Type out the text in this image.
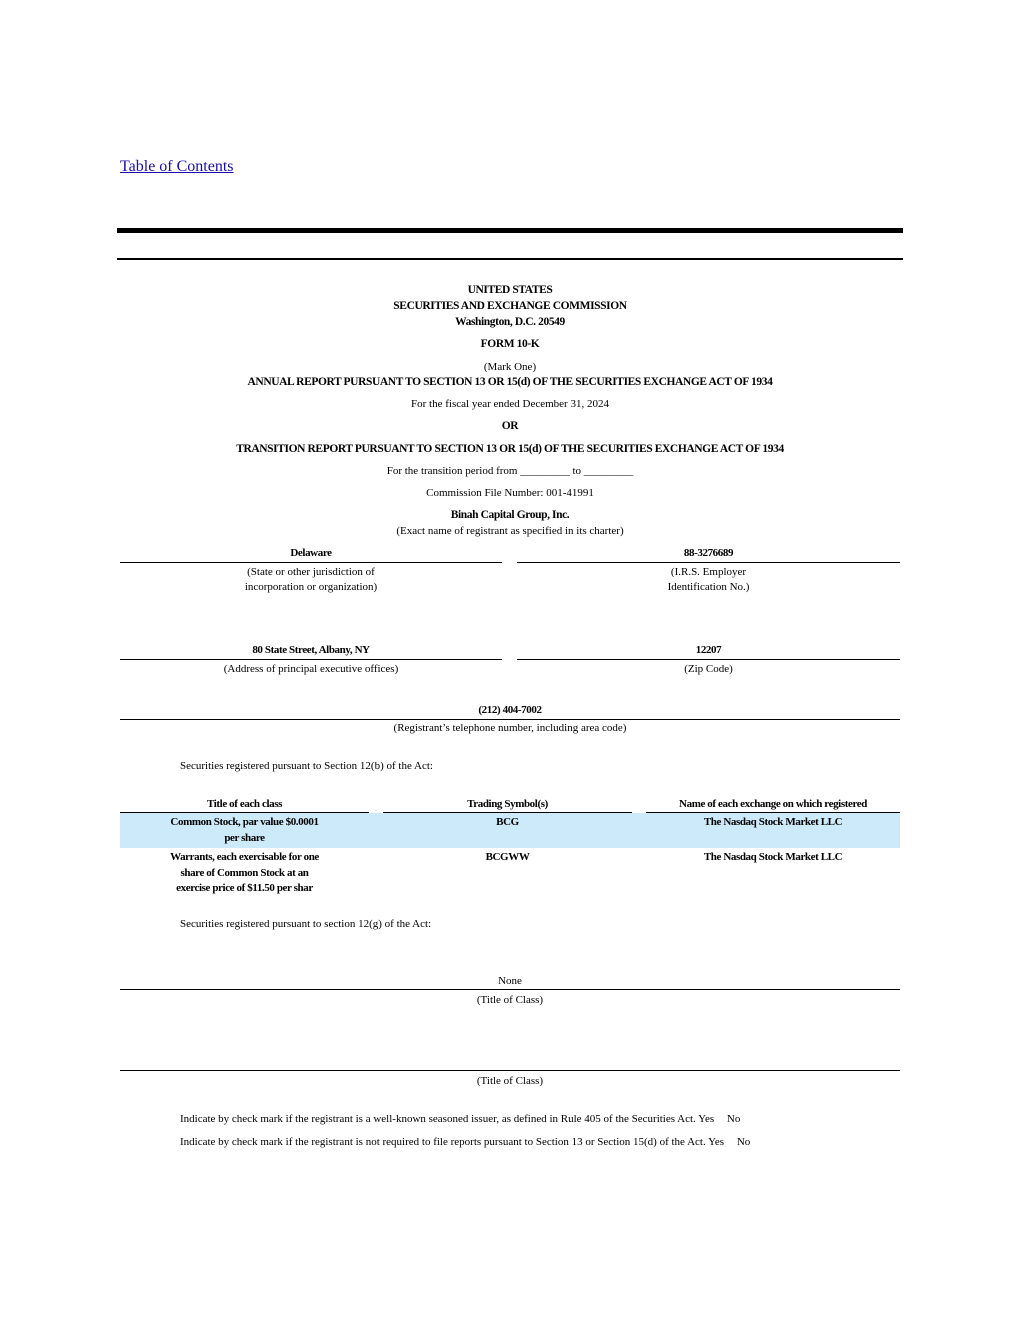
Table of Contents
UNITED STATES
SECURITIES AND EXCHANGE COMMISSION
Washington, D.C. 20549
FORM 10-K
(Mark One)
ANNUAL REPORT PURSUANT TO SECTION 13 OR 15(d) OF THE SECURITIES EXCHANGE ACT OF 1934
For the fiscal year ended December 31, 2024
OR
TRANSITION REPORT PURSUANT TO SECTION 13 OR 15(d) OF THE SECURITIES EXCHANGE ACT OF 1934
For the transition period from _________ to _________
Commission File Number: 001-41991
Binah Capital Group, Inc.
(Exact name of registrant as specified in its charter)
Delaware
(State or other jurisdiction of
incorporation or organization)
88-3276689
(I.R.S. Employer
Identification No.)
80 State Street, Albany, NY
(Address of principal executive offices)
12207
(Zip Code)
(212) 404-7002
(Registrant’s telephone number, including area code)
Securities registered pursuant to Section 12(b) of the Act:
Title of each class		Trading Symbol(s)		Name of each exchange on which registered

Common Stock, par value $0.0001
per share		BCG		The Nasdaq Stock Market LLC

Warrants, each exercisable for one
share of Common Stock at an
exercise price of $11.50 per shar		BCGWW		The Nasdaq Stock Market LLC
Securities registered pursuant to section 12(g) of the Act:
None
(Title of Class)
(Title of Class)
Indicate by check mark if the registrant is a well-known seasoned issuer, as defined in Rule 405 of the Securities Act. Yes No
Indicate by check mark if the registrant is not required to file reports pursuant to Section 13 or Section 15(d) of the Act. Yes No
